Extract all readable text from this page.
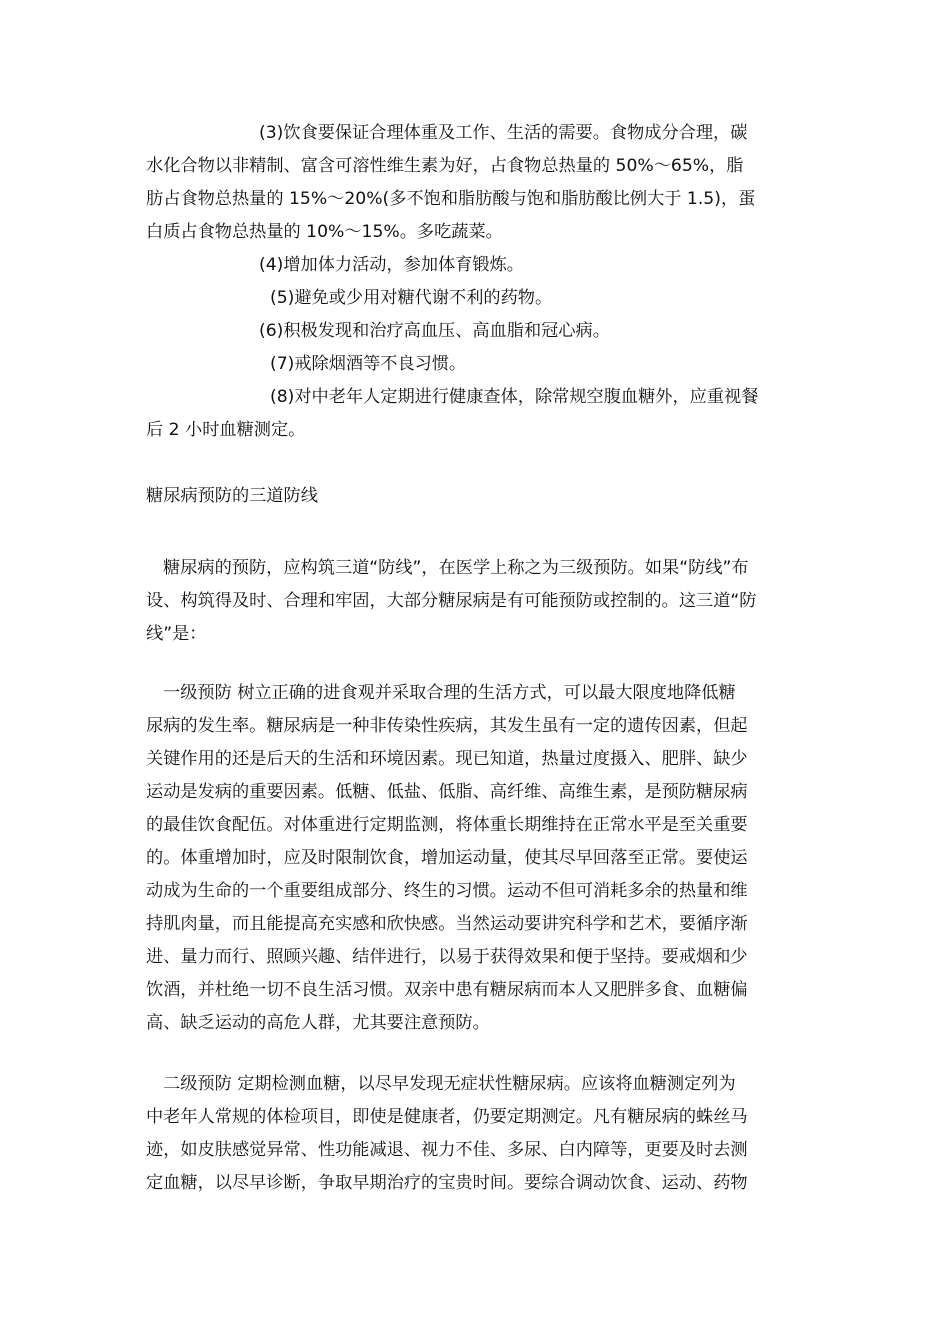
(3)饮食要保证合理体重及工作、生活的需要。食物成分合理，碳
水化合物以非精制、富含可溶性维生素为好，占食物总热量的 50%～65%，脂
肪占食物总热量的 15%～20%(多不饱和脂肪酸与饱和脂肪酸比例大于 1.5)，蛋
白质占食物总热量的 10%～15%。多吃蔬菜。
(4)增加体力活动，参加体育锻炼。
(5)避免或少用对糖代谢不利的药物。
(6)积极发现和治疗高血压、高血脂和冠心病。
(7)戒除烟酒等不良习惯。
(8)对中老年人定期进行健康查体，除常规空腹血糖外，应重视餐
后 2 小时血糖测定。
糖尿病预防的三道防线
糖尿病的预防，应构筑三道“防线”，在医学上称之为三级预防。如果“防线”布
设、构筑得及时、合理和牢固，大部分糖尿病是有可能预防或控制的。这三道“防
线”是：
一级预防 树立正确的进食观并采取合理的生活方式，可以最大限度地降低糖
尿病的发生率。糖尿病是一种非传染性疾病，其发生虽有一定的遗传因素，但起
关键作用的还是后天的生活和环境因素。现已知道，热量过度摄入、肥胖、缺少
运动是发病的重要因素。低糖、低盐、低脂、高纤维、高维生素，是预防糖尿病
的最佳饮食配伍。对体重进行定期监测，将体重长期维持在正常水平是至关重要
的。体重增加时，应及时限制饮食，增加运动量，使其尽早回落至正常。要使运
动成为生命的一个重要组成部分、终生的习惯。运动不但可消耗多余的热量和维
持肌肉量，而且能提高充实感和欣快感。当然运动要讲究科学和艺术，要循序渐
进、量力而行、照顾兴趣、结伴进行，以易于获得效果和便于坚持。要戒烟和少
饮酒，并杜绝一切不良生活习惯。双亲中患有糖尿病而本人又肥胖多食、血糖偏
高、缺乏运动的高危人群，尤其要注意预防。
二级预防 定期检测血糖，以尽早发现无症状性糖尿病。应该将血糖测定列为
中老年人常规的体检项目，即使是健康者，仍要定期测定。凡有糖尿病的蛛丝马
迹，如皮肤感觉异常、性功能减退、视力不佳、多尿、白内障等，更要及时去测
定血糖，以尽早诊断，争取早期治疗的宝贵时间。要综合调动饮食、运动、药物
